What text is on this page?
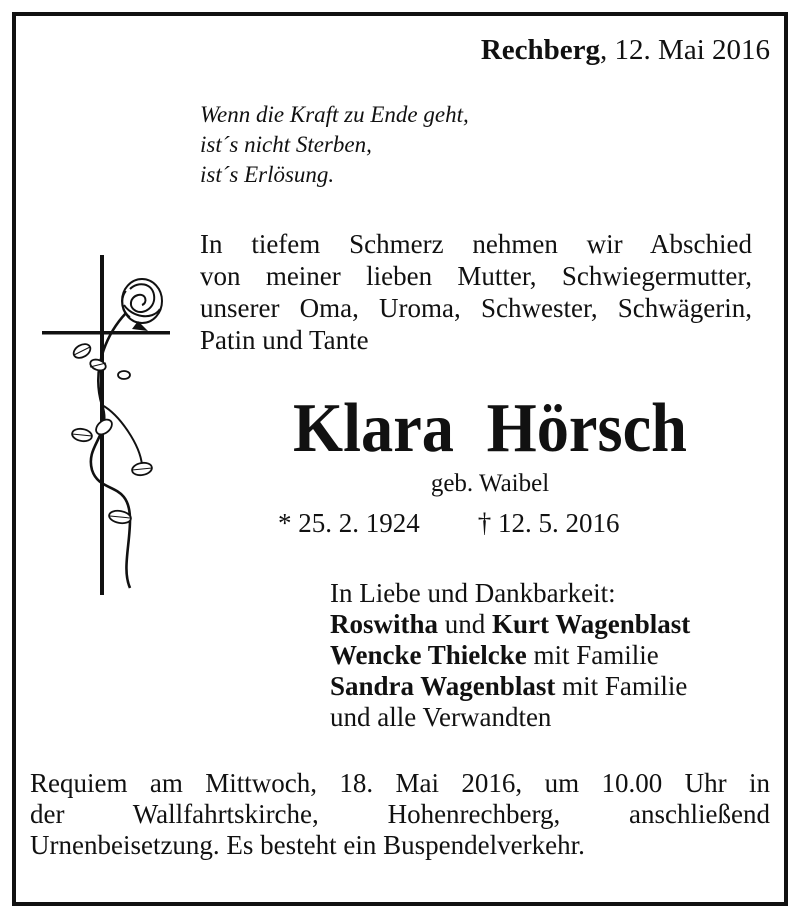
Rechberg, 12. Mai 2016
Wenn die Kraft zu Ende geht,
ist´s nicht Sterben,
ist´s Erlösung.
In tiefem Schmerz nehmen wir Abschied
von meiner lieben Mutter, Schwiegermutter,
unserer Oma, Uroma, Schwester, Schwägerin,
Patin und Tante
Klara Hörsch
geb. Waibel
* 25. 2. 1924 † 12. 5. 2016
In Liebe und Dankbarkeit:
Roswitha und Kurt Wagenblast
Wencke Thielcke mit Familie
Sandra Wagenblast mit Familie
und alle Verwandten
Requiem am Mittwoch, 18. Mai 2016, um 10.00 Uhr in
der Wallfahrtskirche, Hohenrechberg, anschließend
Urnenbeisetzung. Es besteht ein Buspendelverkehr.
